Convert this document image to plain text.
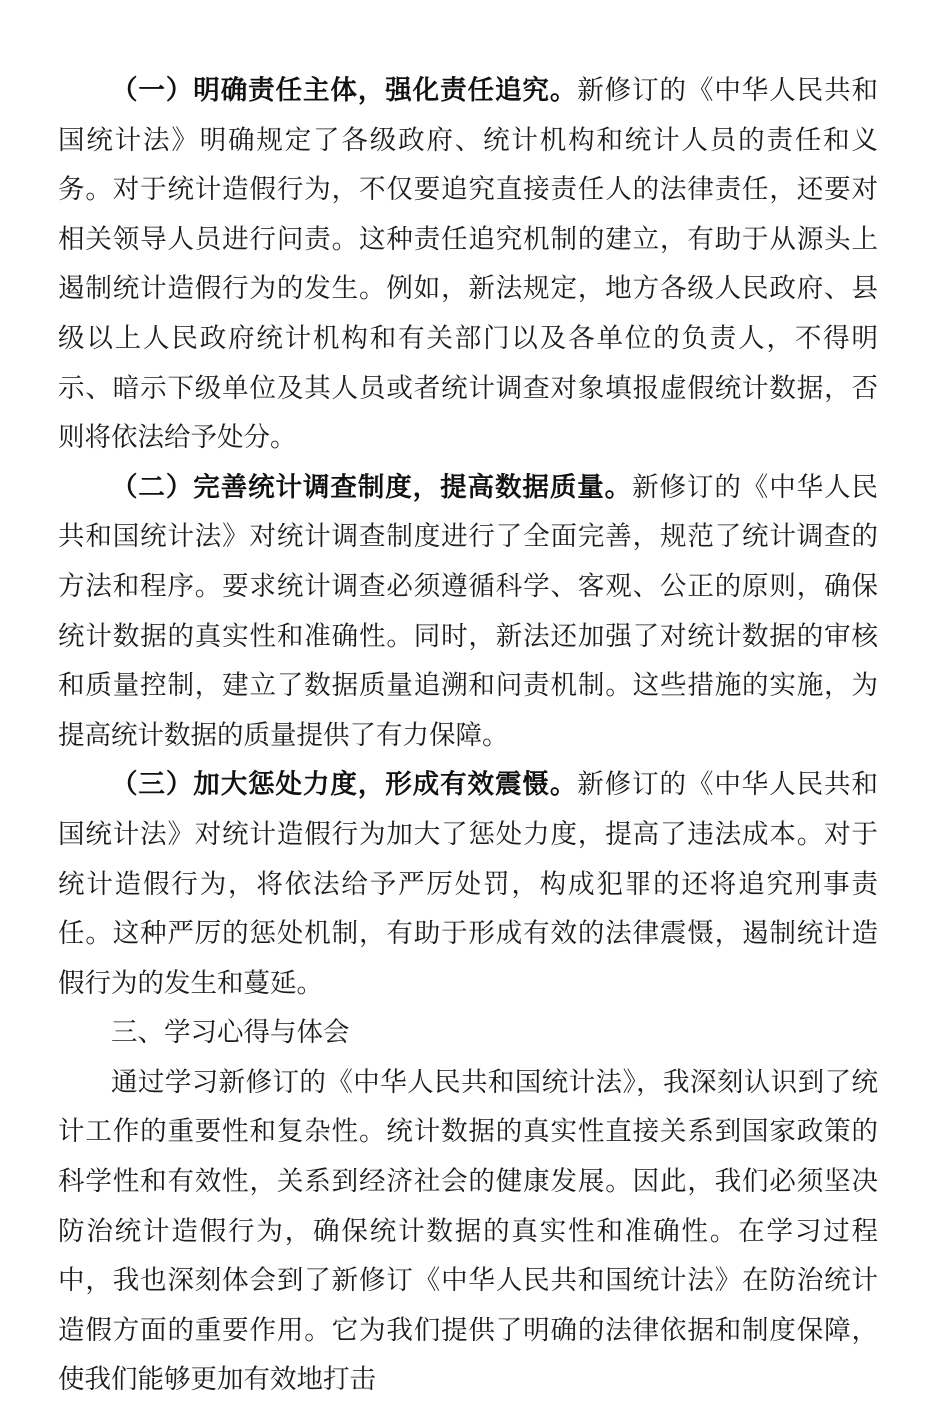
（一）明确责任主体，强化责任追究。新修订的《中华人民共和国统计法》明确规定了各级政府、统计机构和统计人员的责任和义务。对于统计造假行为，不仅要追究直接责任人的法律责任，还要对相关领导人员进行问责。这种责任追究机制的建立，有助于从源头上遏制统计造假行为的发生。例如，新法规定，地方各级人民政府、县级以上人民政府统计机构和有关部门以及各单位的负责人，不得明示、暗示下级单位及其人员或者统计调查对象填报虚假统计数据，否则将依法给予处分。

（二）完善统计调查制度，提高数据质量。新修订的《中华人民共和国统计法》对统计调查制度进行了全面完善，规范了统计调查的方法和程序。要求统计调查必须遵循科学、客观、公正的原则，确保统计数据的真实性和准确性。同时，新法还加强了对统计数据的审核和质量控制，建立了数据质量追溯和问责机制。这些措施的实施，为提高统计数据的质量提供了有力保障。

（三）加大惩处力度，形成有效震慑。新修订的《中华人民共和国统计法》对统计造假行为加大了惩处力度，提高了违法成本。对于统计造假行为，将依法给予严厉处罚，构成犯罪的还将追究刑事责任。这种严厉的惩处机制，有助于形成有效的法律震慑，遏制统计造假行为的发生和蔓延。

三、学习心得与体会

通过学习新修订的《中华人民共和国统计法》，我深刻认识到了统计工作的重要性和复杂性。统计数据的真实性直接关系到国家政策的科学性和有效性，关系到经济社会的健康发展。因此，我们必须坚决防治统计造假行为，确保统计数据的真实性和准确性。在学习过程中，我也深刻体会到了新修订《中华人民共和国统计法》在防治统计造假方面的重要作用。它为我们提供了明确的法律依据和制度保障，使我们能够更加有效地打击
